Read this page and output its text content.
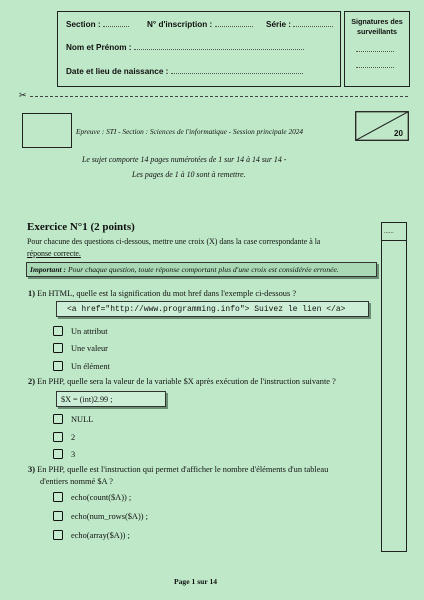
Section :	N° d'inscription :	Série :
Nom et Prénom :
Date et lieu de naissance :
Signatures des surveillants
✂
Epreuve : STI - Section : Sciences de l'informatique - Session principale 2024	20
Le sujet comporte 14 pages numérotées de 1 sur 14 à 14 sur 14 -
Les pages de 1 à 10 sont à remettre.
......
Exercice N°1 (2 points)
Pour chacune des questions ci-dessous, mettre une croix (X) dans la case correspondante à la
réponse correcte.
Important : Pour chaque question, toute réponse comportant plus d'une croix est considérée erronée.
1) En HTML, quelle est la signification du mot href dans l'exemple ci-dessous ?
<a href="http://www.programming.info"> Suivez le lien </a>
Un attribut
Une valeur
Un élément
2) En PHP, quelle sera la valeur de la variable $X après exécution de l'instruction suivante ?
$X = (int)2.99 ;
NULL
2
3
3) En PHP, quelle est l'instruction qui permet d'afficher le nombre d'éléments d'un tableau
d'entiers nommé $A ?
echo(count($A)) ;
echo(num_rows($A)) ;
echo(array($A)) ;
Page 1 sur 14
